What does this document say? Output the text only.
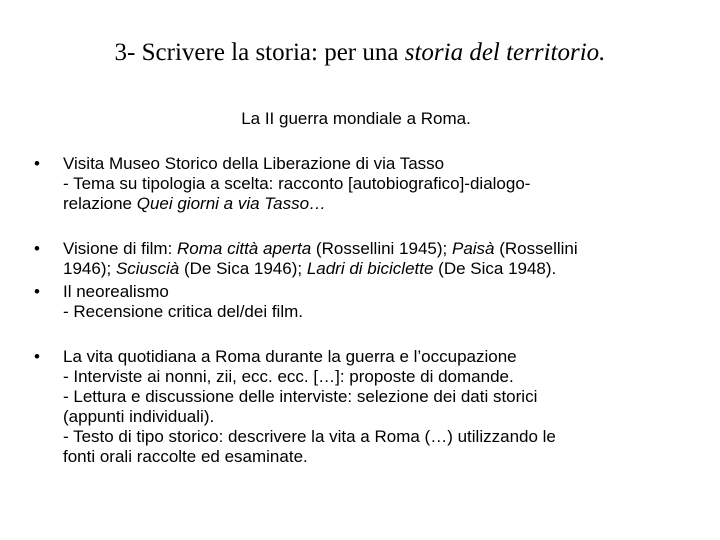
3- Scrivere la storia: per una storia del territorio.
La II guerra mondiale a Roma.
• Visita Museo Storico della Liberazione di via Tasso
- Tema su tipologia a scelta: racconto [autobiografico]-dialogo-
relazione Quei giorni a via Tasso…
• Visione di film: Roma città aperta (Rossellini 1945); Paisà (Rossellini
1946); Sciuscià (De Sica 1946); Ladri di biciclette (De Sica 1948).
• Il neorealismo
- Recensione critica del/dei film.
• La vita quotidiana a Roma durante la guerra e l’occupazione
- Interviste ai nonni, zii, ecc. ecc. […]: proposte di domande.
- Lettura e discussione delle interviste: selezione dei dati storici
(appunti individuali).
- Testo di tipo storico: descrivere la vita a Roma (…) utilizzando le
fonti orali raccolte ed esaminate.
